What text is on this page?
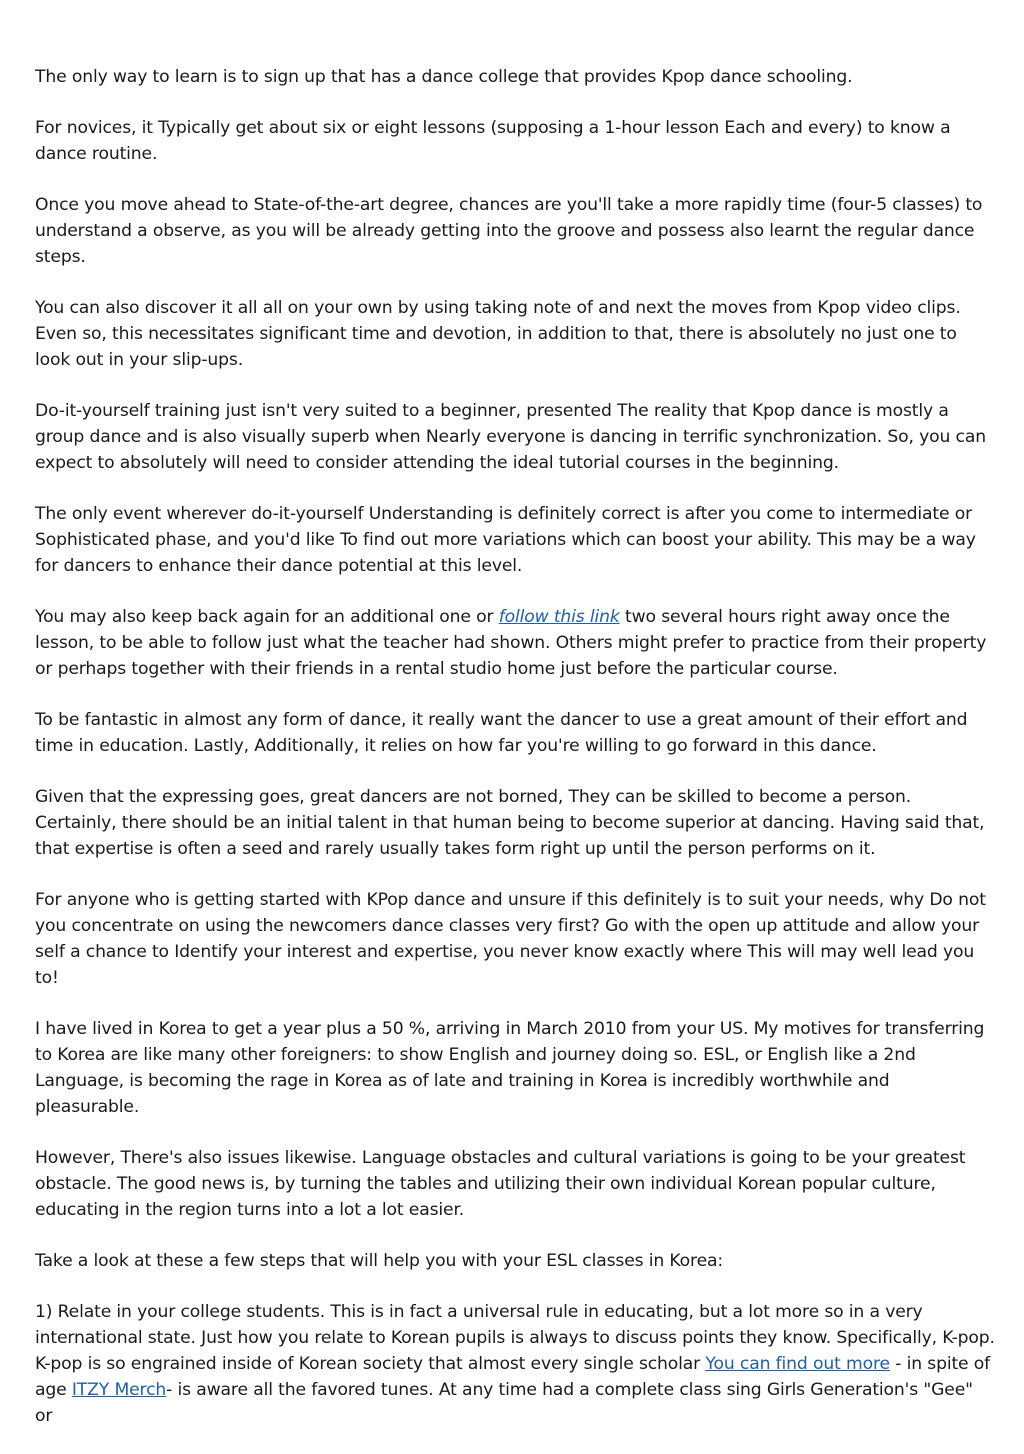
The only way to learn is to sign up that has a dance college that provides Kpop dance schooling.

For novices, it Typically get about six or eight lessons (supposing a 1-hour lesson Each and every) to know a dance routine.

Once you move ahead to State-of-the-art degree, chances are you'll take a more rapidly time (four-5 classes) to understand a observe, as you will be already getting into the groove and possess also learnt the regular dance steps.

You can also discover it all all on your own by using taking note of and next the moves from Kpop video clips. Even so, this necessitates significant time and devotion, in addition to that, there is absolutely no just one to look out in your slip-ups.

Do-it-yourself training just isn't very suited to a beginner, presented The reality that Kpop dance is mostly a group dance and is also visually superb when Nearly everyone is dancing in terrific synchronization. So, you can expect to absolutely will need to consider attending the ideal tutorial courses in the beginning.

The only event wherever do-it-yourself Understanding is definitely correct is after you come to intermediate or Sophisticated phase, and you'd like To find out more variations which can boost your ability. This may be a way for dancers to enhance their dance potential at this level.

You may also keep back again for an additional one or follow this link two several hours right away once the lesson, to be able to follow just what the teacher had shown. Others might prefer to practice from their property or perhaps together with their friends in a rental studio home just before the particular course.

To be fantastic in almost any form of dance, it really want the dancer to use a great amount of their effort and time in education. Lastly, Additionally, it relies on how far you're willing to go forward in this dance.

Given that the expressing goes, great dancers are not borned, They can be skilled to become a person. Certainly, there should be an initial talent in that human being to become superior at dancing. Having said that, that expertise is often a seed and rarely usually takes form right up until the person performs on it.

For anyone who is getting started with KPop dance and unsure if this definitely is to suit your needs, why Do not you concentrate on using the newcomers dance classes very first? Go with the open up attitude and allow your self a chance to Identify your interest and expertise, you never know exactly where This will may well lead you to!

I have lived in Korea to get a year plus a 50 %, arriving in March 2010 from your US. My motives for transferring to Korea are like many other foreigners: to show English and journey doing so. ESL, or English like a 2nd Language, is becoming the rage in Korea as of late and training in Korea is incredibly worthwhile and pleasurable.

However, There's also issues likewise. Language obstacles and cultural variations is going to be your greatest obstacle. The good news is, by turning the tables and utilizing their own individual Korean popular culture, educating in the region turns into a lot a lot easier.

Take a look at these a few steps that will help you with your ESL classes in Korea:

1) Relate in your college students. This is in fact a universal rule in educating, but a lot more so in a very international state. Just how you relate to Korean pupils is always to discuss points they know. Specifically, K-pop. K-pop is so engrained inside of Korean society that almost every single scholar You can find out more - in spite of age ITZY Merch- is aware all the favored tunes. At any time had a complete class sing Girls Generation's "Gee" or
